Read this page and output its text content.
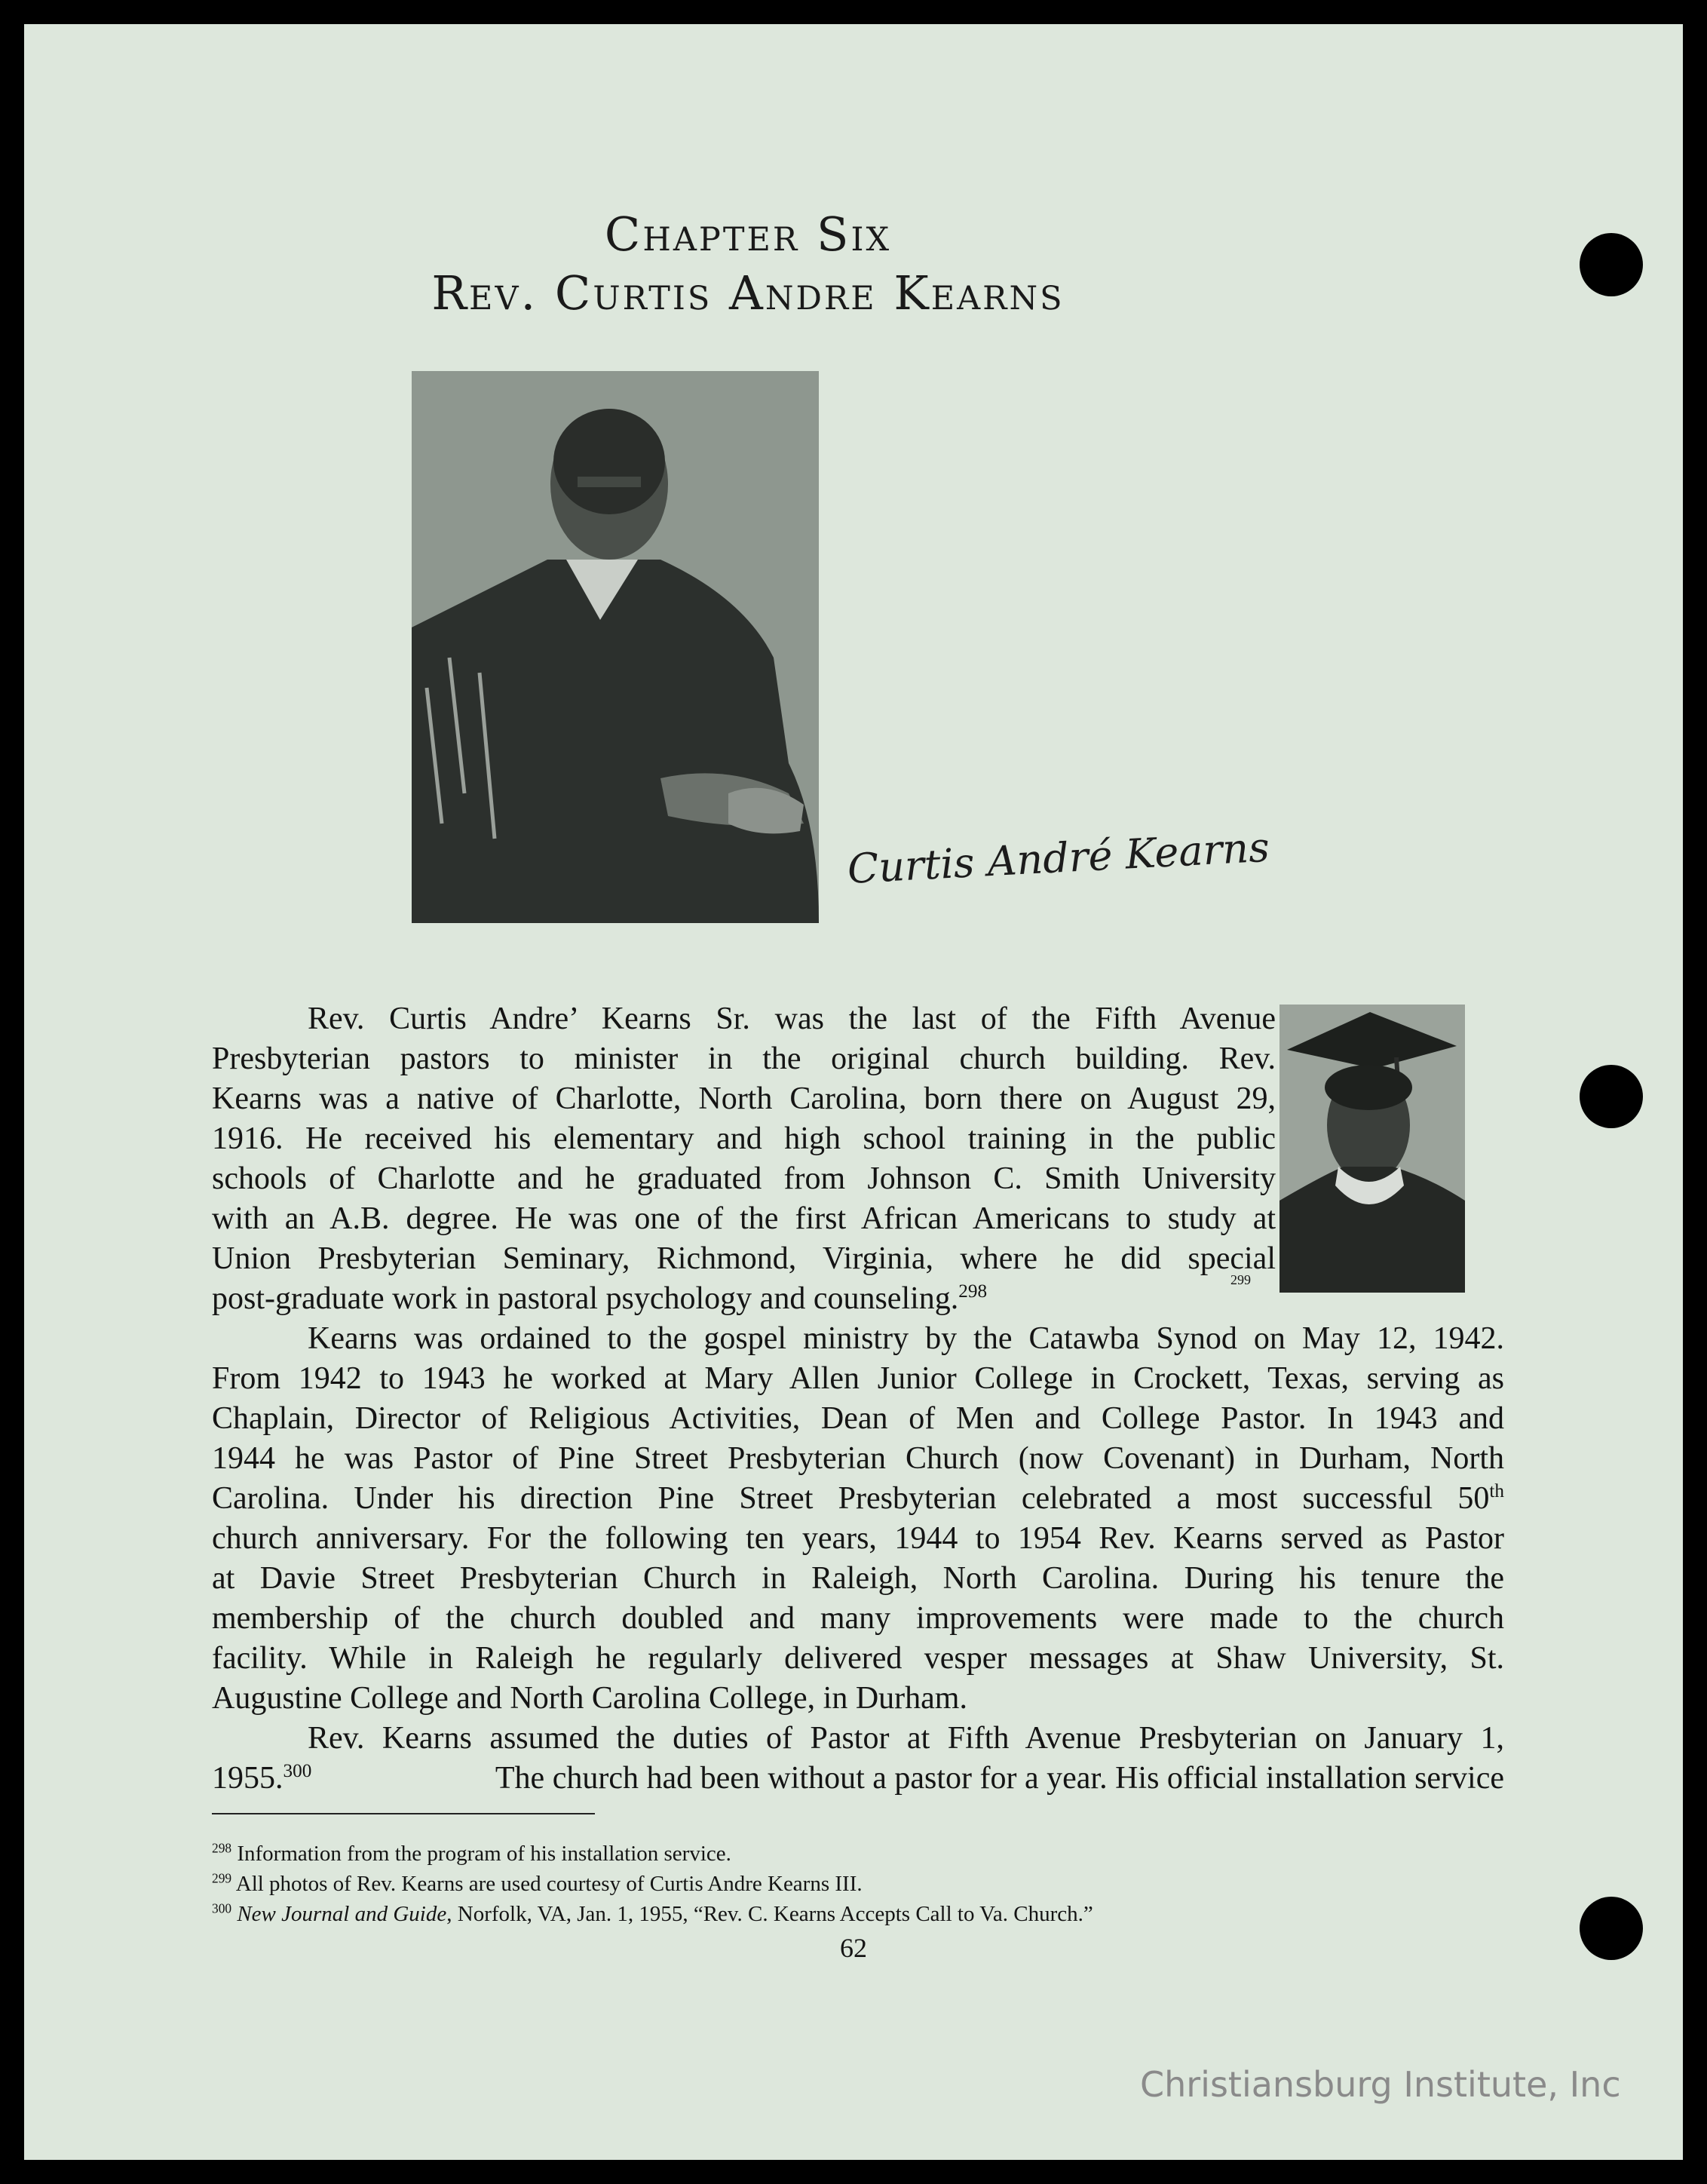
Chapter Six
Rev. Curtis Andre Kearns
Curtis André Kearns
299
Rev. Curtis Andre’ Kearns Sr. was the last of the Fifth Avenue
Presbyterian pastors to minister in the original church building. Rev.
Kearns was a native of Charlotte, North Carolina, born there on August 29,
1916. He received his elementary and high school training in the public
schools of Charlotte and he graduated from Johnson C. Smith University
with an A.B. degree. He was one of the first African Americans to study at
Union Presbyterian Seminary, Richmond, Virginia, where he did special
post-graduate work in pastoral psychology and counseling.$^{298}$
Kearns was ordained to the gospel ministry by the Catawba Synod on May 12, 1942.
From 1942 to 1943 he worked at Mary Allen Junior College in Crockett, Texas, serving as
Chaplain, Director of Religious Activities, Dean of Men and College Pastor. In 1943 and
1944 he was Pastor of Pine Street Presbyterian Church (now Covenant) in Durham, North
Carolina. Under his direction Pine Street Presbyterian celebrated a most successful 50th
church anniversary. For the following ten years, 1944 to 1954 Rev. Kearns served as Pastor
at Davie Street Presbyterian Church in Raleigh, North Carolina. During his tenure the
membership of the church doubled and many improvements were made to the church
facility. While in Raleigh he regularly delivered vesper messages at Shaw University, St.
Augustine College and North Carolina College, in Durham.
Rev. Kearns assumed the duties of Pastor at Fifth Avenue Presbyterian on January 1,
1955.$^{300}$	The church had been without a pastor for a year. His official installation service
$^{298}$ Information from the program of his installation service.
$^{299}$ All photos of Rev. Kearns are used courtesy of Curtis Andre Kearns III.
$^{300}$ New Journal and Guide, Norfolk, VA, Jan. 1, 1955, “Rev. C. Kearns Accepts Call to Va. Church.”
62
Christiansburg Institute, Inc
